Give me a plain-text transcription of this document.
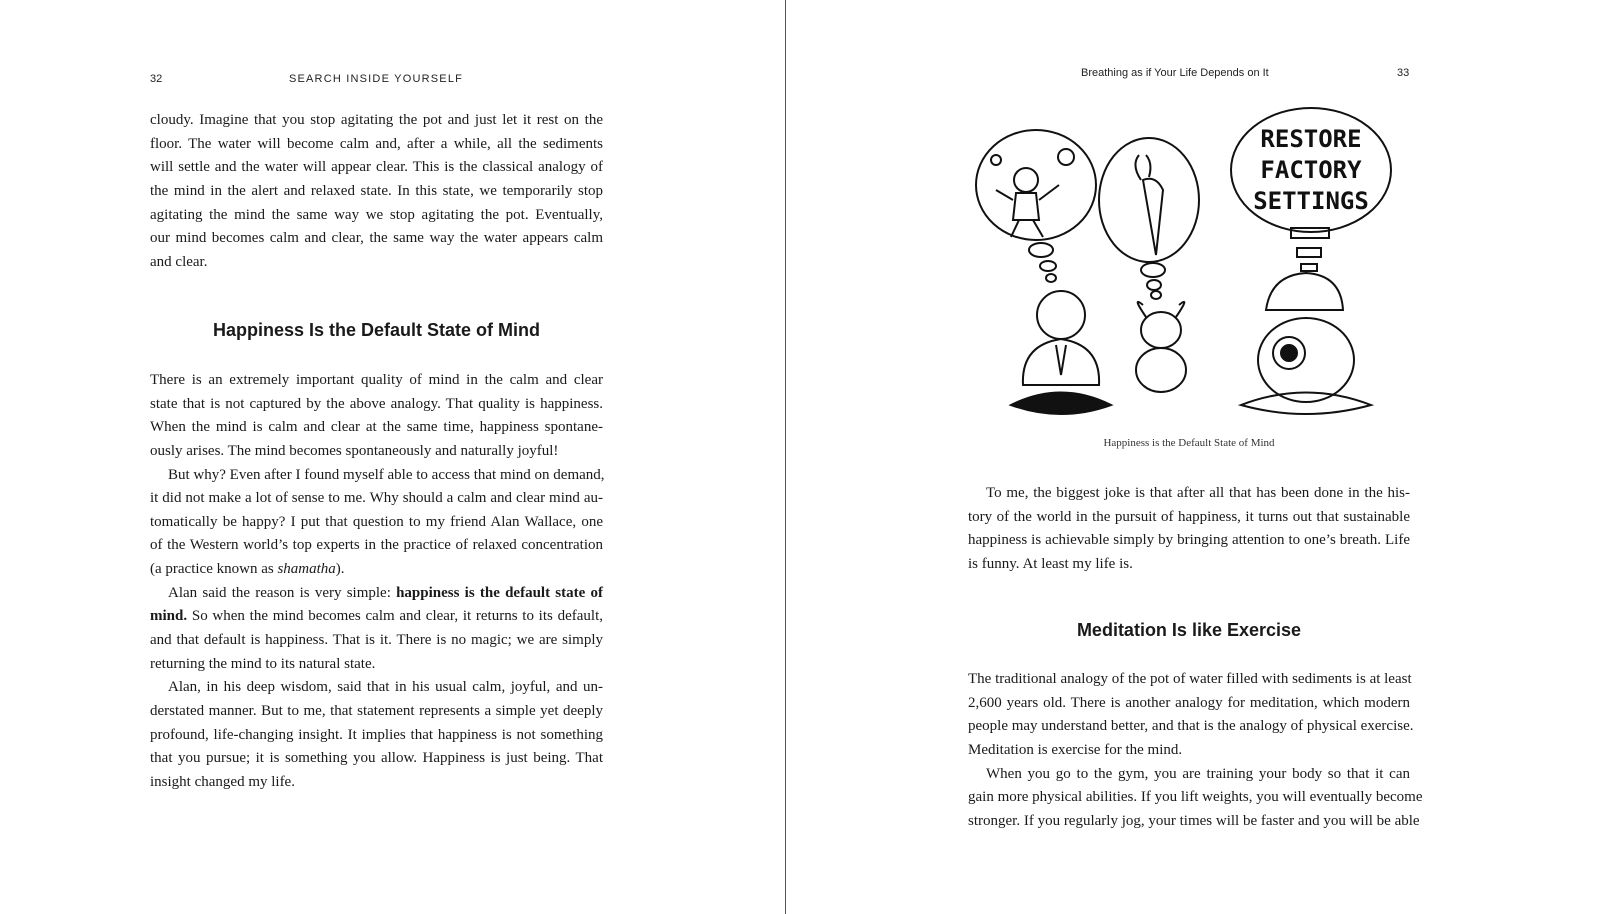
32	SEARCH INSIDE YOURSELF
cloudy. Imagine that you stop agitating the pot and just let it rest on the
floor. The water will become calm and, after a while, all the sediments
will settle and the water will appear clear. This is the classical analogy of
the mind in the alert and relaxed state. In this state, we temporarily stop
agitating the mind the same way we stop agitating the pot. Eventually,
our mind becomes calm and clear, the same way the water appears calm
and clear.
Happiness Is the Default State of Mind
There is an extremely important quality of mind in the calm and clear
state that is not captured by the above analogy. That quality is happiness.
When the mind is calm and clear at the same time, happiness spontane-
ously arises. The mind becomes spontaneously and naturally joyful!
But why? Even after I found myself able to access that mind on demand,
it did not make a lot of sense to me. Why should a calm and clear mind au-
tomatically be happy? I put that question to my friend Alan Wallace, one
of the Western world’s top experts in the practice of relaxed concentration
(a practice known as shamatha).
Alan said the reason is very simple: happiness is the default state of
mind. So when the mind becomes calm and clear, it returns to its default,
and that default is happiness. That is it. There is no magic; we are simply
returning the mind to its natural state.
Alan, in his deep wisdom, said that in his usual calm, joyful, and un-
derstated manner. But to me, that statement represents a simple yet deeply
profound, life-changing insight. It implies that happiness is not something
that you pursue; it is something you allow. Happiness is just being. That
insight changed my life.
Breathing as if Your Life Depends on It	33
RESTORE
FACTORY
SETTINGS
Happiness is the Default State of Mind
To me, the biggest joke is that after all that has been done in the his-
tory of the world in the pursuit of happiness, it turns out that sustainable
happiness is achievable simply by bringing attention to one’s breath. Life
is funny. At least my life is.
Meditation Is like Exercise
The traditional analogy of the pot of water filled with sediments is at least
2,600 years old. There is another analogy for meditation, which modern
people may understand better, and that is the analogy of physical exercise.
Meditation is exercise for the mind.
When you go to the gym, you are training your body so that it can
gain more physical abilities. If you lift weights, you will eventually become
stronger. If you regularly jog, your times will be faster and you will be able
